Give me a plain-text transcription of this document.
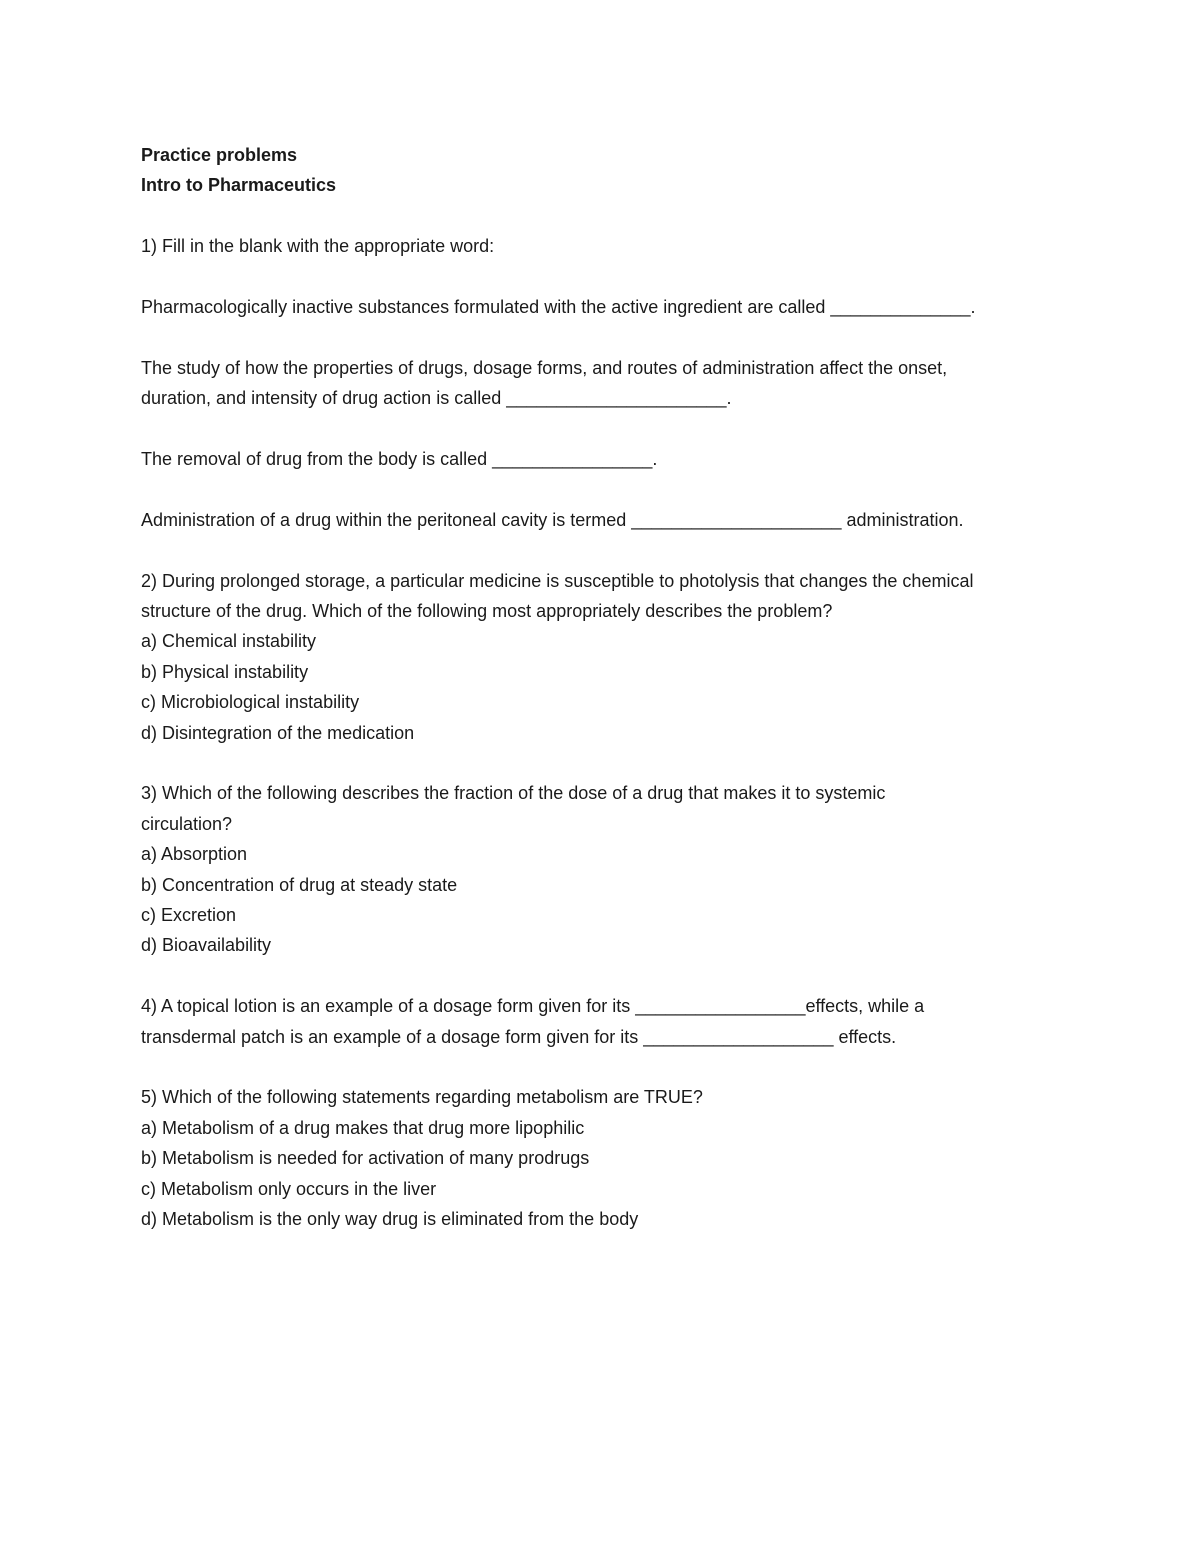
Practice problems
Intro to Pharmaceutics
1) Fill in the blank with the appropriate word:
Pharmacologically inactive substances formulated with the active ingredient are called ______________.
The study of how the properties of drugs, dosage forms, and routes of administration affect the onset,
duration, and intensity of drug action is called ______________________.
The removal of drug from the body is called ________________.
Administration of a drug within the peritoneal cavity is termed _____________________ administration.
2) During prolonged storage, a particular medicine is susceptible to photolysis that changes the chemical
structure of the drug. Which of the following most appropriately describes the problem?
a) Chemical instability
b) Physical instability
c) Microbiological instability
d) Disintegration of the medication
3) Which of the following describes the fraction of the dose of a drug that makes it to systemic
circulation?
a) Absorption
b) Concentration of drug at steady state
c) Excretion
d) Bioavailability
4) A topical lotion is an example of a dosage form given for its _________________effects, while a
transdermal patch is an example of a dosage form given for its ___________________ effects.
5) Which of the following statements regarding metabolism are TRUE?
a) Metabolism of a drug makes that drug more lipophilic
b) Metabolism is needed for activation of many prodrugs
c) Metabolism only occurs in the liver
d) Metabolism is the only way drug is eliminated from the body
